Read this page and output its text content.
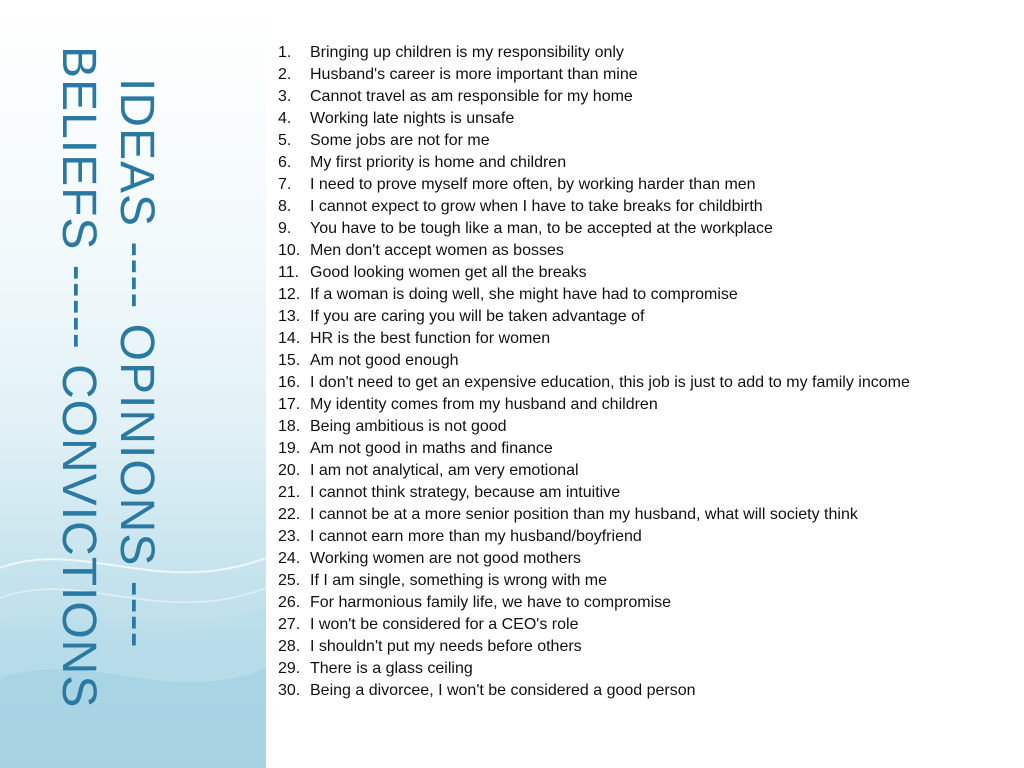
IDEAS ---- OPINIONS ----
BELIEFS ----- CONVICTIONS	1.	Bringing up children is my responsibility only
2.	Husband's career is more important than mine
3.	Cannot travel as am responsible for my home
4.	Working late nights is unsafe
5.	Some jobs are not for me
6.	My first priority is home and children
7.	I need to prove myself more often, by working harder than men
8.	I cannot expect to grow when I have to take breaks for childbirth
9.	You have to be tough like a man, to be accepted at the workplace
10. Men don't accept women as bosses
11. Good looking women get all the breaks
12. If a woman is doing well, she might have had to compromise
13. If you are caring you will be taken advantage of
14. HR is the best function for women
15. Am not good enough
16. I don't need to get an expensive education, this job is just to add to my family income
17. My identity comes from my husband and children
18. Being ambitious is not good
19. Am not good in maths and finance
20. I am not analytical, am very emotional
21. I cannot think strategy, because am intuitive
22. I cannot be at a more senior position than my husband, what will society think
23. I cannot earn more than my husband/boyfriend
24. Working women are not good mothers
25. If I am single, something is wrong with me
26. For harmonious family life, we have to compromise
27. I won't be considered for a CEO's role
28. I shouldn't put my needs before others
29. There is a glass ceiling
30. Being a divorcee, I won't be considered a good person
